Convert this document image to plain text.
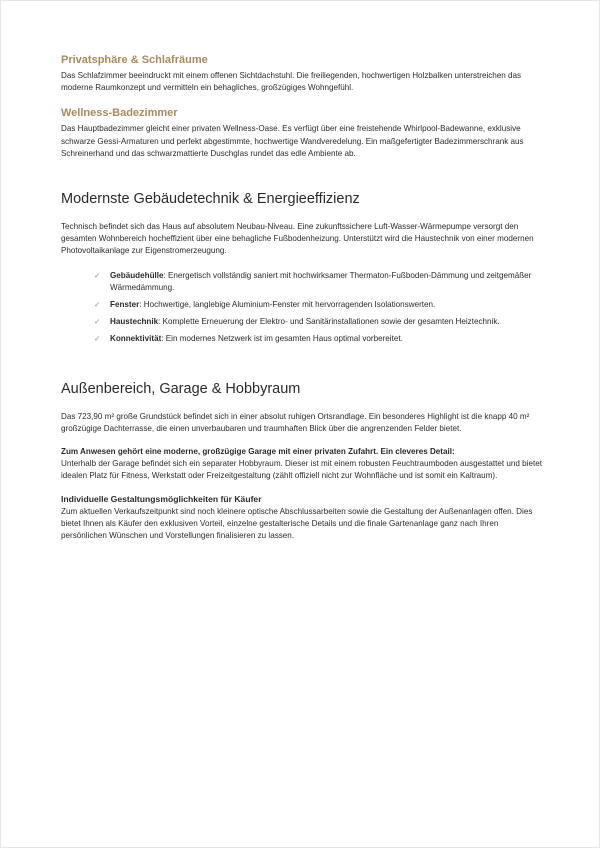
Privatsphäre & Schlafräume

Das Schlafzimmer beeindruckt mit einem offenen Sichtdachstuhl. Die freiliegenden, hochwertigen Holzbalken unterstreichen das moderne Raumkonzept und vermitteln ein behagliches, großzügiges Wohngefühl.

Wellness-Badezimmer

Das Hauptbadezimmer gleicht einer privaten Wellness-Oase. Es verfügt über eine freistehende Whirlpool-Badewanne, exklusive schwarze Gessi-Armaturen und perfekt abgestimmte, hochwertige Wandveredelung. Ein maßgefertigter Badezimmerschrank aus Schreinerhand und das schwarzmattierte Duschglas rundet das edle Ambiente ab.

Modernste Gebäudetechnik & Energieeffizienz

Technisch befindet sich das Haus auf absolutem Neubau-Niveau. Eine zukunftssichere Luft-Wasser-Wärmepumpe versorgt den gesamten Wohnbereich hocheffizient über eine behagliche Fußbodenheizung. Unterstützt wird die Haustechnik von einer modernen Photovoltaikanlage zur Eigenstromerzeugung.

✓ Gebäudehülle: Energetisch vollständig saniert mit hochwirksamer Thermaton-Fußboden-Dämmung und zeitgemäßer Wärmedämmung.
✓ Fenster: Hochwertige, langlebige Aluminium-Fenster mit hervorragenden Isolationswerten.
✓ Haustechnik: Komplette Erneuerung der Elektro- und Sanitärinstallationen sowie der gesamten Heiztechnik.
✓ Konnektivität: Ein modernes Netzwerk ist im gesamten Haus optimal vorbereitet.
Außenbereich, Garage & Hobbyraum

Das 723,90 m² große Grundstück befindet sich in einer absolut ruhigen Ortsrandlage. Ein besonderes Highlight ist die knapp 40 m² großzügige Dachterrasse, die einen unverbaubaren und traumhaften Blick über die angrenzenden Felder bietet.

Zum Anwesen gehört eine moderne, großzügige Garage mit einer privaten Zufahrt. Ein cleveres Detail:

Unterhalb der Garage befindet sich ein separater Hobbyraum. Dieser ist mit einem robusten Feuchtraumboden ausgestattet und bietet idealen Platz für Fitness, Werkstatt oder Freizeitgestaltung (zählt offiziell nicht zur Wohnfläche und ist somit ein Kaltraum).

Individuelle Gestaltungsmöglichkeiten für Käufer

Zum aktuellen Verkaufszeitpunkt sind noch kleinere optische Abschlussarbeiten sowie die Gestaltung der Außenanlagen offen. Dies bietet Ihnen als Käufer den exklusiven Vorteil, einzelne gestalterische Details und die finale Gartenanlage ganz nach Ihren persönlichen Wünschen und Vorstellungen finalisieren zu lassen.
